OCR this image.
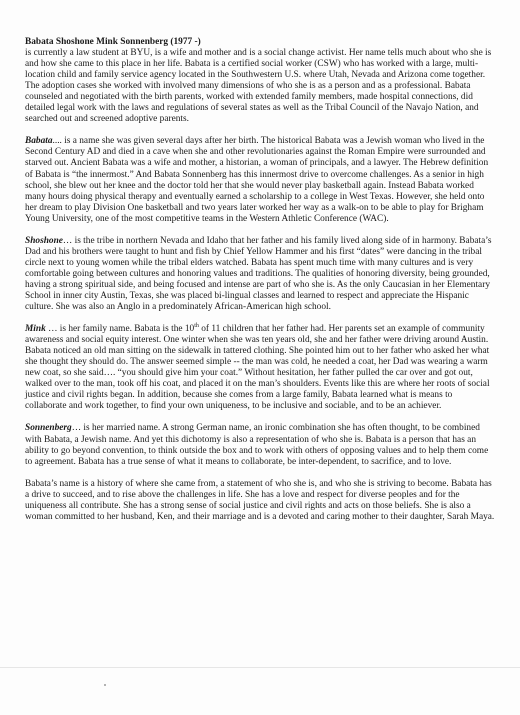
Babata Shoshone Mink Sonnenberg (1977 -)

is currently a law student at BYU, is a wife and mother and is a social change activist. Her name tells much about who she is and how she came to this place in her life. Babata is a certified social worker (CSW) who has worked with a large, multi-location child and family service agency located in the Southwestern U.S. where Utah, Nevada and Arizona come together. The adoption cases she worked with involved many dimensions of who she is as a person and as a professional. Babata counseled and negotiated with the birth parents, worked with extended family members, made hospital connections, did detailed legal work with the laws and regulations of several states as well as the Tribal Council of the Navajo Nation, and searched out and screened adoptive parents.

Babata.... is a name she was given several days after her birth. The historical Babata was a Jewish woman who lived in the Second Century AD and died in a cave when she and other revolutionaries against the Roman Empire were surrounded and starved out. Ancient Babata was a wife and mother, a historian, a woman of principals, and a lawyer. The Hebrew definition of Babata is “the innermost.” And Babata Sonnenberg has this innermost drive to overcome challenges. As a senior in high school, she blew out her knee and the doctor told her that she would never play basketball again. Instead Babata worked many hours doing physical therapy and eventually earned a scholarship to a college in West Texas. However, she held onto her dream to play Division One basketball and two years later worked her way as a walk-on to be able to play for Brigham Young University, one of the most competitive teams in the Western Athletic Conference (WAC).

Shoshone… is the tribe in northern Nevada and Idaho that her father and his family lived along side of in harmony. Babata’s Dad and his brothers were taught to hunt and fish by Chief Yellow Hammer and his first “dates” were dancing in the tribal circle next to young women while the tribal elders watched. Babata has spent much time with many cultures and is very comfortable going between cultures and honoring values and traditions. The qualities of honoring diversity, being grounded, having a strong spiritual side, and being focused and intense are part of who she is. As the only Caucasian in her Elementary School in inner city Austin, Texas, she was placed bi-lingual classes and learned to respect and appreciate the Hispanic culture. She was also an Anglo in a predominately African-American high school.

Mink … is her family name. Babata is the 10th of 11 children that her father had. Her parents set an example of community awareness and social equity interest. One winter when she was ten years old, she and her father were driving around Austin. Babata noticed an old man sitting on the sidewalk in tattered clothing. She pointed him out to her father who asked her what she thought they should do. The answer seemed simple -- the man was cold, he needed a coat, her Dad was wearing a warm new coat, so she said…. “you should give him your coat.” Without hesitation, her father pulled the car over and got out, walked over to the man, took off his coat, and placed it on the man’s shoulders. Events like this are where her roots of social justice and civil rights began. In addition, because she comes from a large family, Babata learned what is means to collaborate and work together, to find your own uniqueness, to be inclusive and sociable, and to be an achiever.

Sonnenberg… is her married name. A strong German name, an ironic combination she has often thought, to be combined with Babata, a Jewish name. And yet this dichotomy is also a representation of who she is. Babata is a person that has an ability to go beyond convention, to think outside the box and to work with others of opposing values and to help them come to agreement. Babata has a true sense of what it means to collaborate, be inter-dependent, to sacrifice, and to love.

Babata’s name is a history of where she came from, a statement of who she is, and who she is striving to become. Babata has a drive to succeed, and to rise above the challenges in life. She has a love and respect for diverse peoples and for the uniqueness all contribute. She has a strong sense of social justice and civil rights and acts on those beliefs. She is also a woman committed to her husband, Ken, and their marriage and is a devoted and caring mother to their daughter, Sarah Maya.
